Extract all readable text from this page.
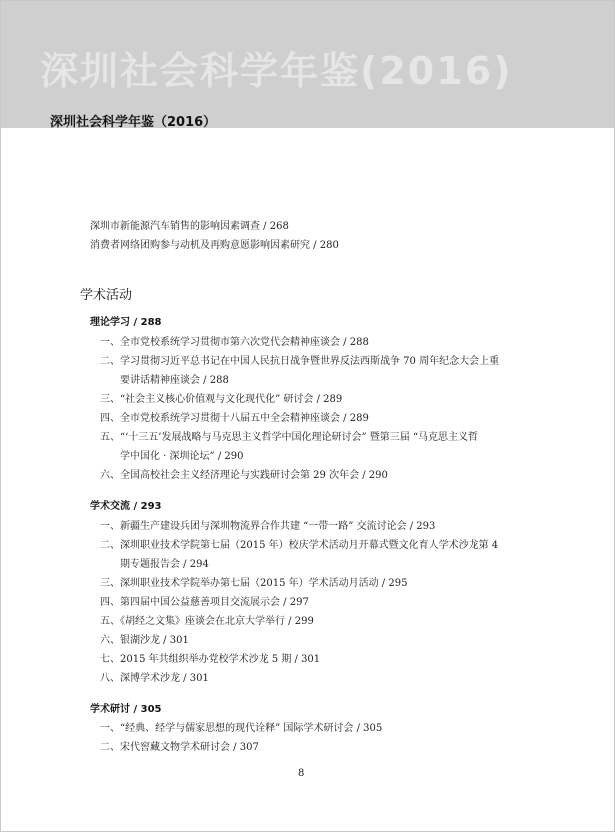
深圳社会科学年鉴(2016)
深圳社会科学年鉴（2016）
深圳市新能源汽车销售的影响因素调查 / 268
消费者网络团购参与动机及再购意愿影响因素研究 / 280
学术活动
理论学习 / 288
一、全市党校系统学习贯彻市第六次党代会精神座谈会 / 288
二、学习贯彻习近平总书记在中国人民抗日战争暨世界反法西斯战争 70 周年纪念大会上重
要讲话精神座谈会 / 288
三、“社会主义核心价值观与文化现代化” 研讨会 / 289
四、全市党校系统学习贯彻十八届五中全会精神座谈会 / 289
五、“‘十三五’发展战略与马克思主义哲学中国化理论研讨会” 暨第三届 “马克思主义哲
学中国化 · 深圳论坛” / 290
六、全国高校社会主义经济理论与实践研讨会第 29 次年会 / 290
学术交流 / 293
一、新疆生产建设兵团与深圳物流界合作共建 “一带一路” 交流讨论会 / 293
二、深圳职业技术学院第七届（2015 年）校庆学术活动月开幕式暨文化育人学术沙龙第 4
期专题报告会 / 294
三、深圳职业技术学院举办第七届（2015 年）学术活动月活动 / 295
四、第四届中国公益慈善项目交流展示会 / 297
五、《胡经之文集》座谈会在北京大学举行 / 299
六、银湖沙龙 / 301
七、2015 年共组织举办党校学术沙龙 5 期 / 301
八、深博学术沙龙 / 301
学术研讨 / 305
一、“经典、经学与儒家思想的现代诠释” 国际学术研讨会 / 305
二、宋代窖藏文物学术研讨会 / 307
8
